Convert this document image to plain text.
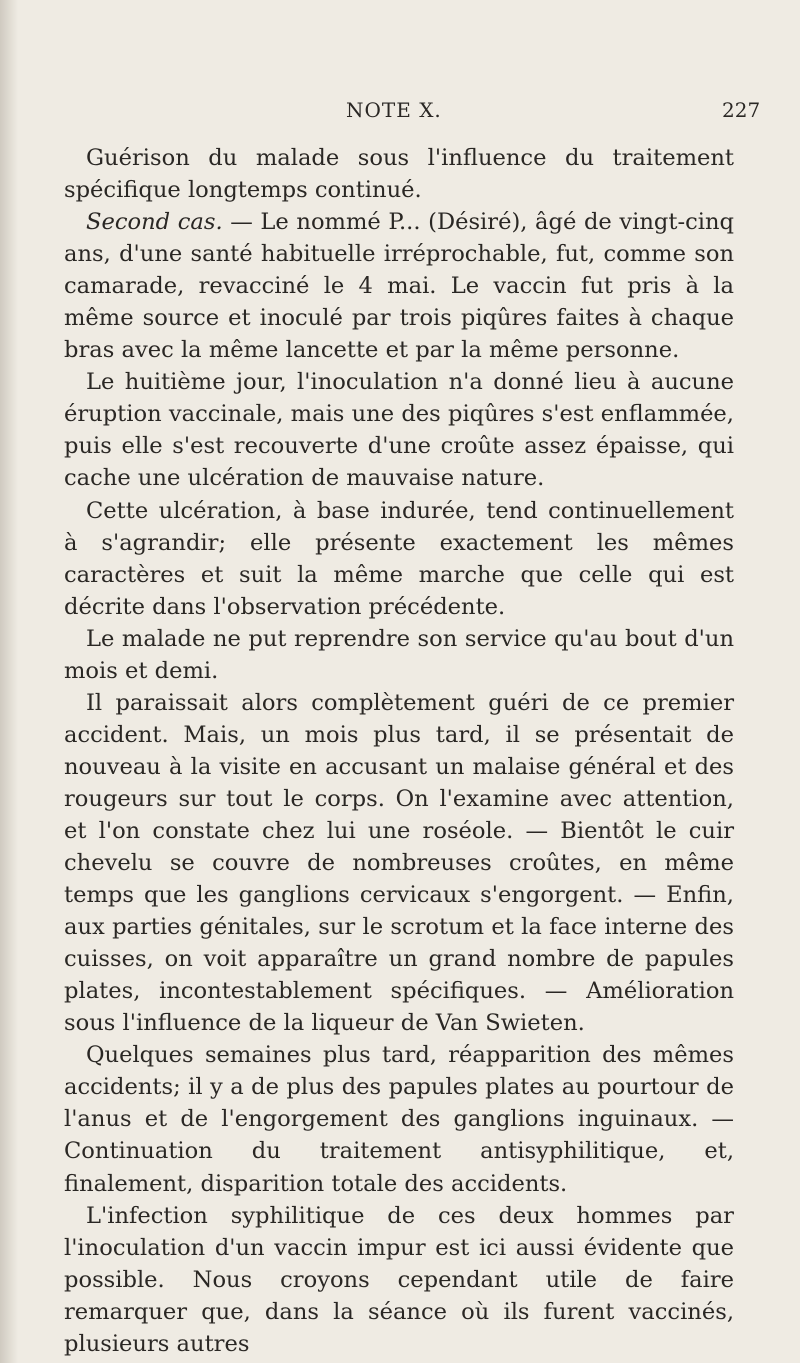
NOTE X.	227

Guérison du malade sous l'influence du traitement spécifique longtemps continué.

Second cas. — Le nommé P... (Désiré), âgé de vingt-cinq ans, d'une santé habituelle irréprochable, fut, comme son camarade, revacciné le 4 mai. Le vaccin fut pris à la même source et inoculé par trois piqûres faites à chaque bras avec la même lancette et par la même personne.

Le huitième jour, l'inoculation n'a donné lieu à aucune éruption vaccinale, mais une des piqûres s'est enflammée, puis elle s'est recouverte d'une croûte assez épaisse, qui cache une ulcération de mauvaise nature.

Cette ulcération, à base indurée, tend continuellement à s'agrandir; elle présente exactement les mêmes caractères et suit la même marche que celle qui est décrite dans l'observation précédente.

Le malade ne put reprendre son service qu'au bout d'un mois et demi.

Il paraissait alors complètement guéri de ce premier accident. Mais, un mois plus tard, il se présentait de nouveau à la visite en accusant un malaise général et des rougeurs sur tout le corps. On l'examine avec attention, et l'on constate chez lui une roséole. — Bientôt le cuir chevelu se couvre de nombreuses croûtes, en même temps que les ganglions cervicaux s'engorgent. — Enfin, aux parties génitales, sur le scrotum et la face interne des cuisses, on voit apparaître un grand nombre de papules plates, incontestablement spécifiques. — Amélioration sous l'influence de la liqueur de Van Swieten.

Quelques semaines plus tard, réapparition des mêmes accidents; il y a de plus des papules plates au pourtour de l'anus et de l'engorgement des ganglions inguinaux. — Continuation du traitement antisyphilitique, et, finalement, disparition totale des accidents.

L'infection syphilitique de ces deux hommes par l'inoculation d'un vaccin impur est ici aussi évidente que possible. Nous croyons cependant utile de faire remarquer que, dans la séance où ils furent vaccinés, plusieurs autres
